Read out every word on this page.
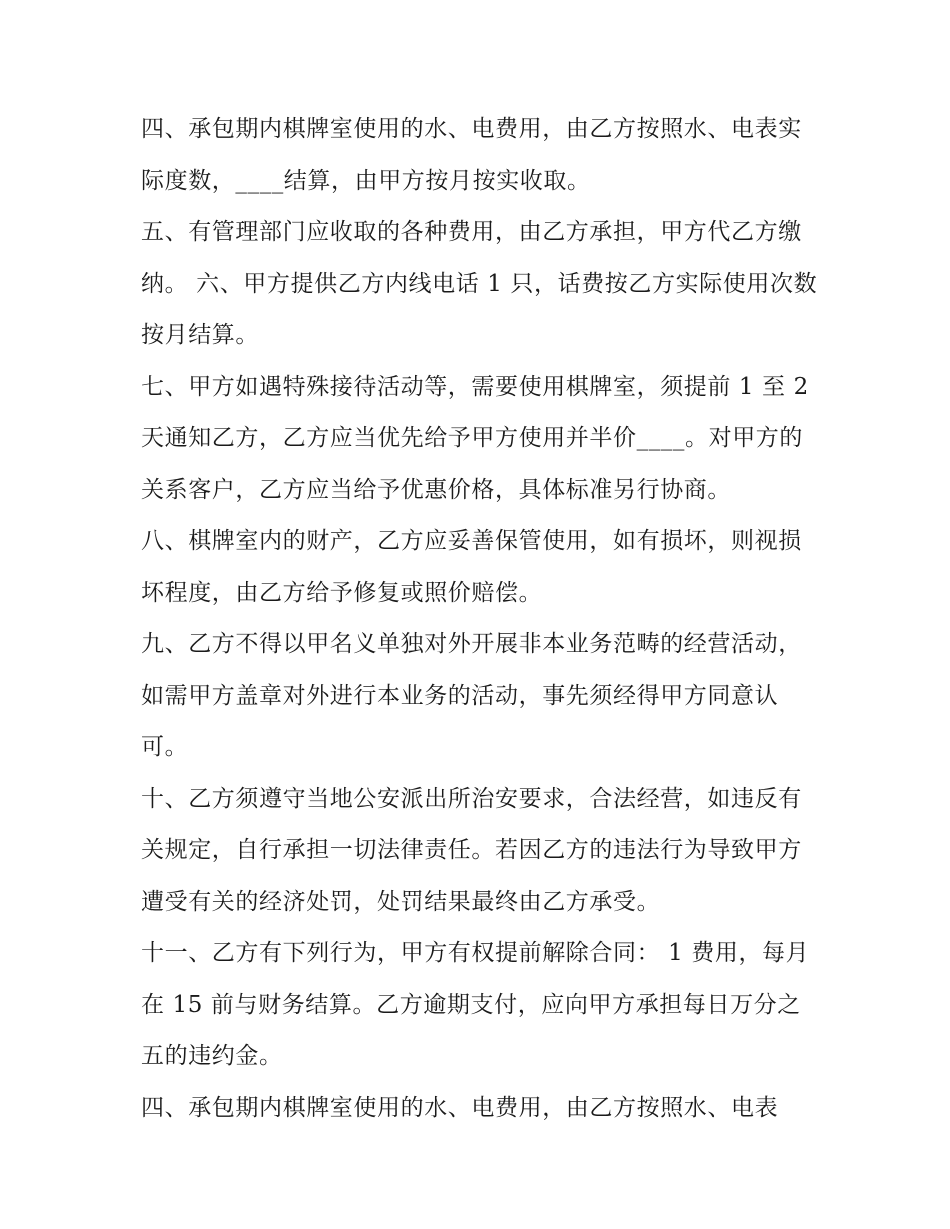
四、承包期内棋牌室使用的水、电费用，由乙方按照水、电表实际度数，____结算，由甲方按月按实收取。

五、有管理部门应收取的各种费用，由乙方承担，甲方代乙方缴纳。 六、甲方提供乙方内线电话 1 只，话费按乙方实际使用次数按月结算。

七、甲方如遇特殊接待活动等，需要使用棋牌室，须提前 1 至 2 天通知乙方，乙方应当优先给予甲方使用并半价____。对甲方的关系客户，乙方应当给予优惠价格，具体标准另行协商。

八、棋牌室内的财产，乙方应妥善保管使用，如有损坏，则视损坏程度，由乙方给予修复或照价赔偿。

九、乙方不得以甲名义单独对外开展非本业务范畴的经营活动，如需甲方盖章对外进行本业务的活动，事先须经得甲方同意认可。

十、乙方须遵守当地公安派出所治安要求，合法经营，如违反有关规定，自行承担一切法律责任。若因乙方的违法行为导致甲方遭受有关的经济处罚，处罚结果最终由乙方承受。

十一、乙方有下列行为，甲方有权提前解除合同： 1 费用，每月在 15 前与财务结算。乙方逾期支付，应向甲方承担每日万分之五的违约金。

四、承包期内棋牌室使用的水、电费用，由乙方按照水、电表
